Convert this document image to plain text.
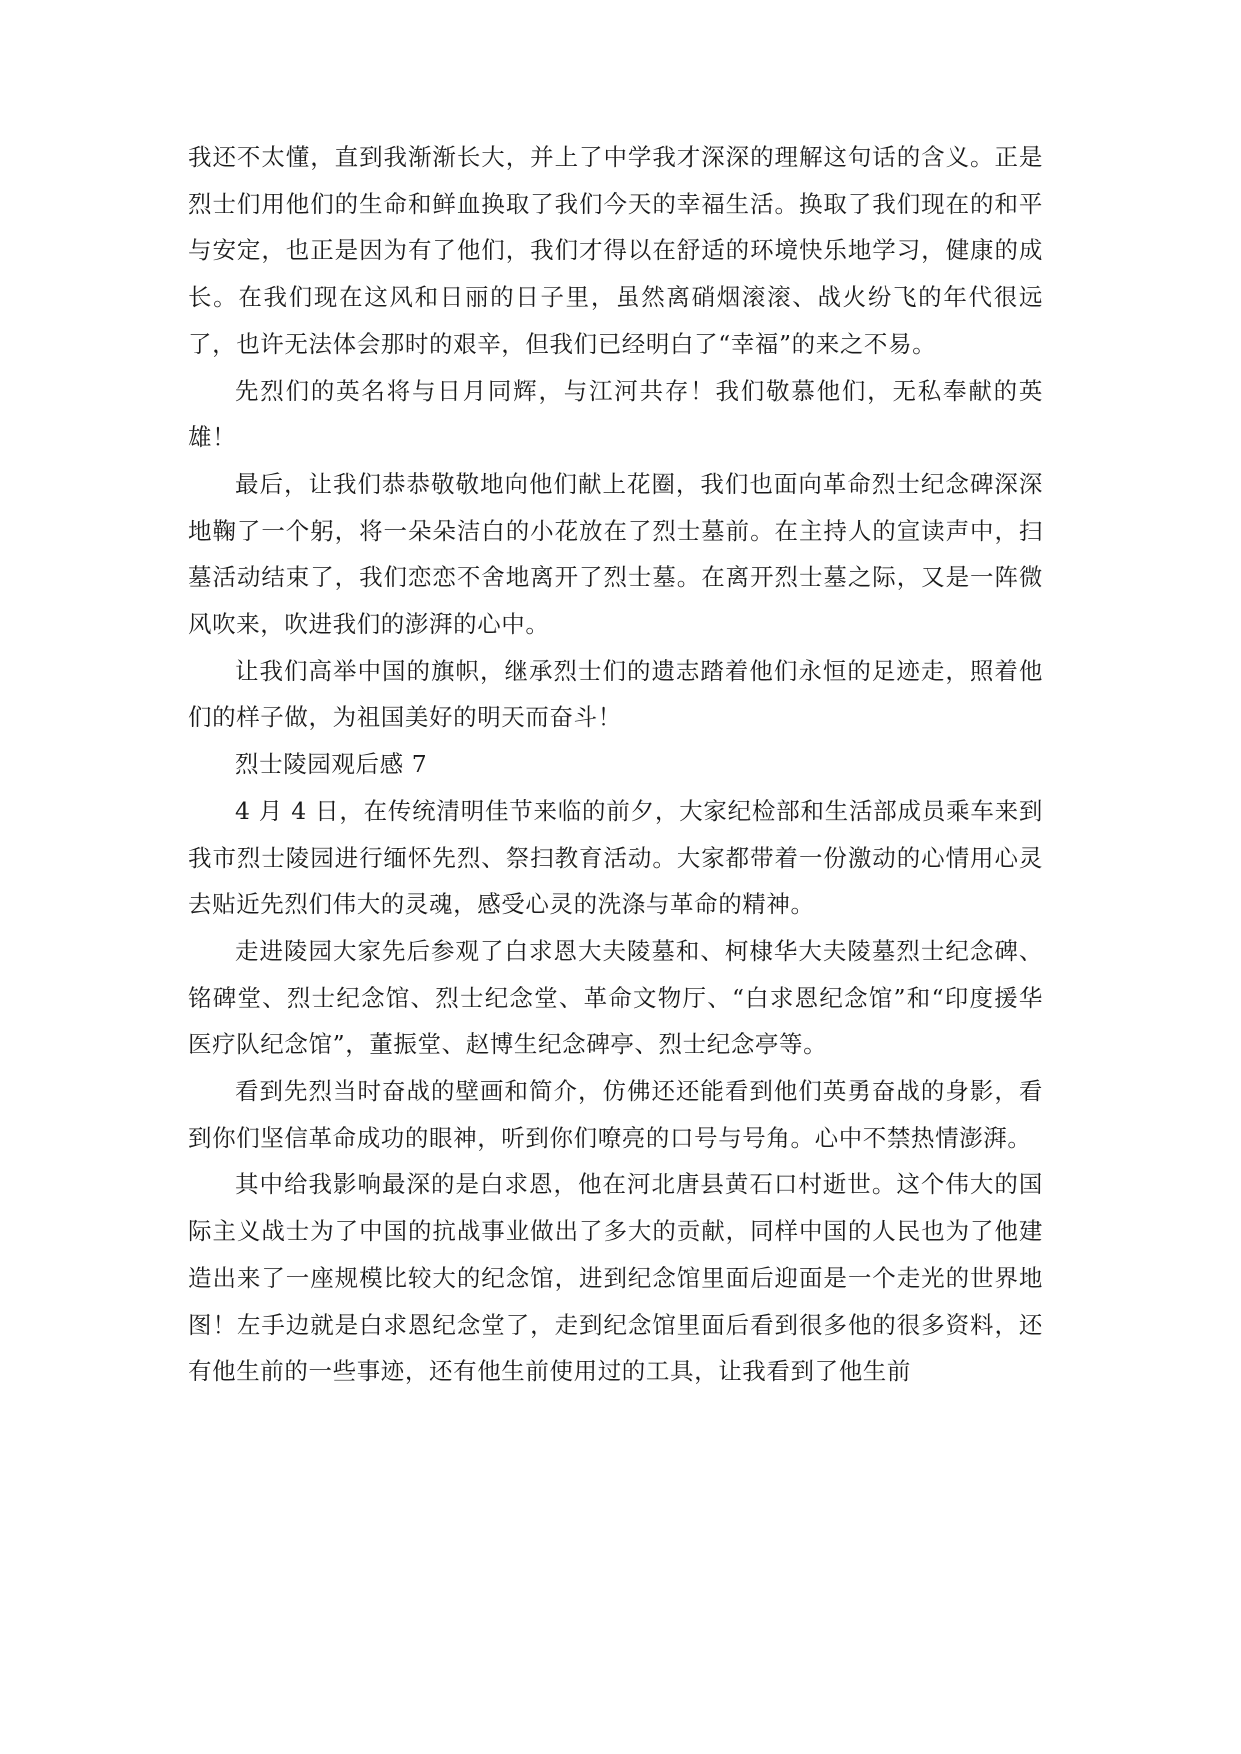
我还不太懂，直到我渐渐长大，并上了中学我才深深的理解这句话的含义。正是烈士们用他们的生命和鲜血换取了我们今天的幸福生活。换取了我们现在的和平与安定，也正是因为有了他们，我们才得以在舒适的环境快乐地学习，健康的成长。在我们现在这风和日丽的日子里，虽然离硝烟滚滚、战火纷飞的年代很远了，也许无法体会那时的艰辛，但我们已经明白了“幸福”的来之不易。

先烈们的英名将与日月同辉，与江河共存！我们敬慕他们，无私奉献的英雄！

最后，让我们恭恭敬敬地向他们献上花圈，我们也面向革命烈士纪念碑深深地鞠了一个躬，将一朵朵洁白的小花放在了烈士墓前。在主持人的宣读声中，扫墓活动结束了，我们恋恋不舍地离开了烈士墓。在离开烈士墓之际，又是一阵微风吹来，吹进我们的澎湃的心中。

让我们高举中国的旗帜，继承烈士们的遗志踏着他们永恒的足迹走，照着他们的样子做，为祖国美好的明天而奋斗！

烈士陵园观后感 7

4 月 4 日，在传统清明佳节来临的前夕，大家纪检部和生活部成员乘车来到我市烈士陵园进行缅怀先烈、祭扫教育活动。大家都带着一份激动的心情用心灵去贴近先烈们伟大的灵魂，感受心灵的洗涤与革命的精神。

走进陵园大家先后参观了白求恩大夫陵墓和、柯棣华大夫陵墓烈士纪念碑、铭碑堂、烈士纪念馆、烈士纪念堂、革命文物厅、“白求恩纪念馆”和“印度援华医疗队纪念馆”，董振堂、赵博生纪念碑亭、烈士纪念亭等。

看到先烈当时奋战的壁画和简介，仿佛还还能看到他们英勇奋战的身影，看到你们坚信革命成功的眼神，听到你们嘹亮的口号与号角。心中不禁热情澎湃。

其中给我影响最深的是白求恩，他在河北唐县黄石口村逝世。这个伟大的国际主义战士为了中国的抗战事业做出了多大的贡献，同样中国的人民也为了他建造出来了一座规模比较大的纪念馆，进到纪念馆里面后迎面是一个走光的世界地图！左手边就是白求恩纪念堂了，走到纪念馆里面后看到很多他的很多资料，还有他生前的一些事迹，还有他生前使用过的工具，让我看到了他生前
